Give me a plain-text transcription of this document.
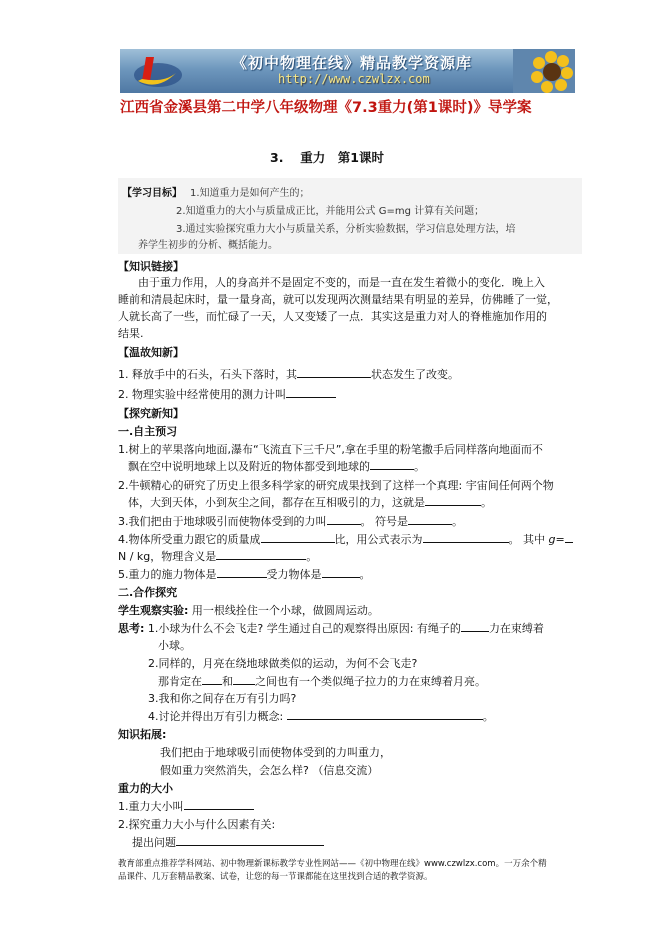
《初中物理在线》精品教学资源库
http://www.czwlzx.com
江西省金溪县第二中学八年级物理《7.3重力(第1课时)》导学案
3.　 重力　第1课时
【学习目标】 1.知道重力是如何产生的；
2.知道重力的大小与质量成正比，并能用公式 G=mg 计算有关问题；
3.通过实验探究重力大小与质量关系，分析实验数据，学习信息处理方法，培
养学生初步的分析、概括能力。
【知识链接】
由于重力作用，人的身高并不是固定不变的，而是一直在发生着微小的变化．晚上入
睡前和清晨起床时，量一量身高，就可以发现两次测量结果有明显的差异，仿佛睡了一觉，
人就长高了一些，而忙碌了一天，人又变矮了一点．其实这是重力对人的脊椎施加作用的
结果.
【温故知新】
1. 释放手中的石头，石头下落时，其	状态发生了改变。
2. 物理实验中经常使用的测力计叫
【探究新知】
一.自主预习
1.树上的苹果落向地面,瀑布“飞流直下三千尺”,拿在手里的粉笔撒手后同样落向地面而不
飘在空中说明地球上以及附近的物体都受到地球的	。
2.牛顿精心的研究了历史上很多科学家的研究成果找到了这样一个真理: 宇宙间任何两个物
体，大到天体，小到灰尘之间，都存在互相吸引的力，这就是	。
3.我们把由于地球吸引而使物体受到的力叫	。 符号是	。
4.物体所受重力跟它的质量成	比，用公式表示为	。 其中 g=
N / kg，物理含义是	。
5.重力的施力物体是	受力物体是	。
二.合作探究
学生观察实验: 用一根线拴住一个小球，做圆周运动。
思考: 1.小球为什么不会飞走? 学生通过自己的观察得出原因: 有绳子的	力在束缚着
小球。
2.同样的，月亮在绕地球做类似的运动，为何不会飞走?
那肯定在 和 之间也有一个类似绳子拉力的力在束缚着月亮。
3.我和你之间存在万有引力吗?
4.讨论并得出万有引力概念:	。
知识拓展:
我们把由于地球吸引而使物体受到的力叫重力，
假如重力突然消失，会怎么样? （信息交流）
重力的大小
1.重力大小叫
2.探究重力大小与什么因素有关:
提出问题
教育部重点推荐学科网站、初中物理新课标教学专业性网站——《初中物理在线》www.czwlzx.com。一万余个精品课件、几万套精品教案、试卷，让您的每一节课都能在这里找到合适的教学资源。
